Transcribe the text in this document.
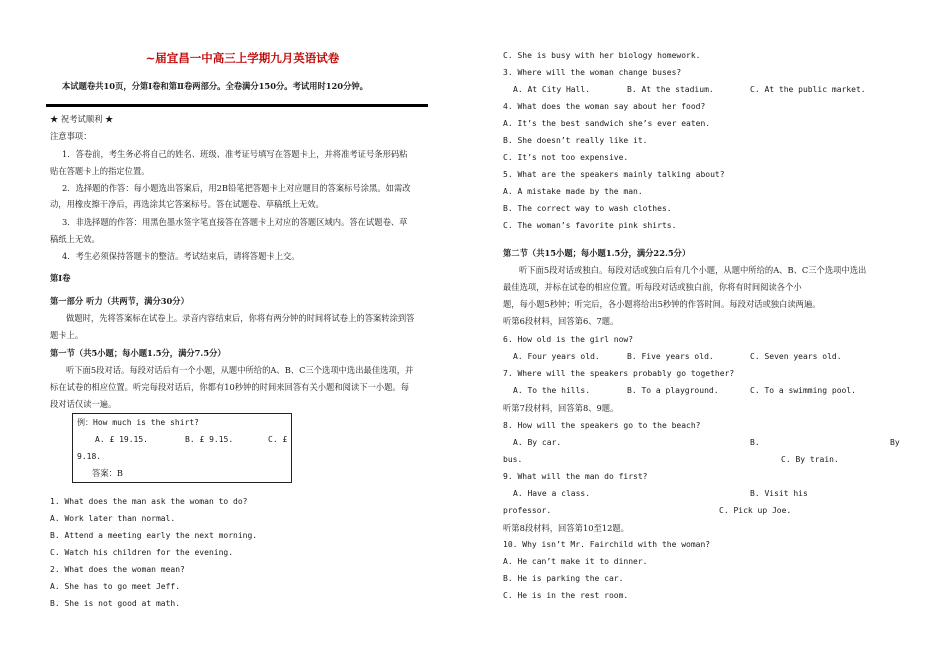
~届宜昌一中高三上学期九月英语试卷
本试题卷共10页，分第Ⅰ卷和第Ⅱ卷两部分。全卷满分150分。考试用时120分钟。
★ 祝考试顺利 ★
注意事项：
1．答卷前，考生务必将自己的姓名、班级、准考证号填写在答题卡上，并将准考证号条形码粘
贴在答题卡上的指定位置。
2．选择题的作答：每小题选出答案后，用2B铅笔把答题卡上对应题目的答案标号涂黑。如需改
动，用橡皮擦干净后，再选涂其它答案标号。答在试题卷、草稿纸上无效。
3．非选择题的作答：用黑色墨水签字笔直接答在答题卡上对应的答题区域内。答在试题卷、草
稿纸上无效。
4．考生必须保持答题卡的整洁。考试结束后，请将答题卡上交。
第Ⅰ卷
第一部分 听力（共两节，满分30分）
做题时，先将答案标在试卷上。录音内容结束后，你将有两分钟的时间将试卷上的答案转涂到答
题卡上。
第一节（共5小题；每小题1.5分，满分7.5分）
听下面5段对话。每段对话后有一个小题，从题中所给的A、B、C三个选项中选出最佳选项，并
标在试卷的相应位置。听完每段对话后，你都有10秒钟的时间来回答有关小题和阅读下一小题。每
段对话仅读一遍。
例：How much is the shirt?
A. £ 19.15.	B. £ 9.15.	C. £
9.18.
答案：B
1. What does the man ask the woman to do?
A. Work later than normal.
B. Attend a meeting early the next morning.
C. Watch his children for the evening.
2. What does the woman mean?
A. She has to go meet Jeff.
B. She is not good at math.
C. She is busy with her biology homework.
3. Where will the woman change buses?
A. At City Hall.	B. At the stadium.	C. At the public market.
4. What does the woman say about her food?
A. It’s the best sandwich she’s ever eaten.
B. She doesn’t really like it.
C. It’s not too expensive.
5. What are the speakers mainly talking about?
A. A mistake made by the man.
B. The correct way to wash clothes.
C. The woman’s favorite pink shirts.
第二节（共15小题；每小题1.5分，满分22.5分）
听下面5段对话或独白。每段对话或独白后有几个小题，从题中所给的A、B、C三个选项中选出
最佳选项，并标在试卷的相应位置。听每段对话或独白前，你将有时间阅读各个小
题，每小题5秒钟；听完后，各小题将给出5秒钟的作答时间。每段对话或独白读两遍。
听第6段材料，回答第6、7题。
6. How old is the girl now?
A. Four years old.	B. Five years old.	C. Seven years old.
7. Where will the speakers probably go together?
A. To the hills.	B. To a playground.	C. To a swimming pool.
听第7段材料，回答第8、9题。
8. How will the speakers go to the beach?
A. By car.	B.	By
bus.	C. By train.
9. What will the man do first?
A. Have a class.	B. Visit his
professor.	C. Pick up Joe.
听第8段材料，回答第10至12题。
10. Why isn’t Mr. Fairchild with the woman?
A. He can’t make it to dinner.
B. He is parking the car.
C. He is in the rest room.
